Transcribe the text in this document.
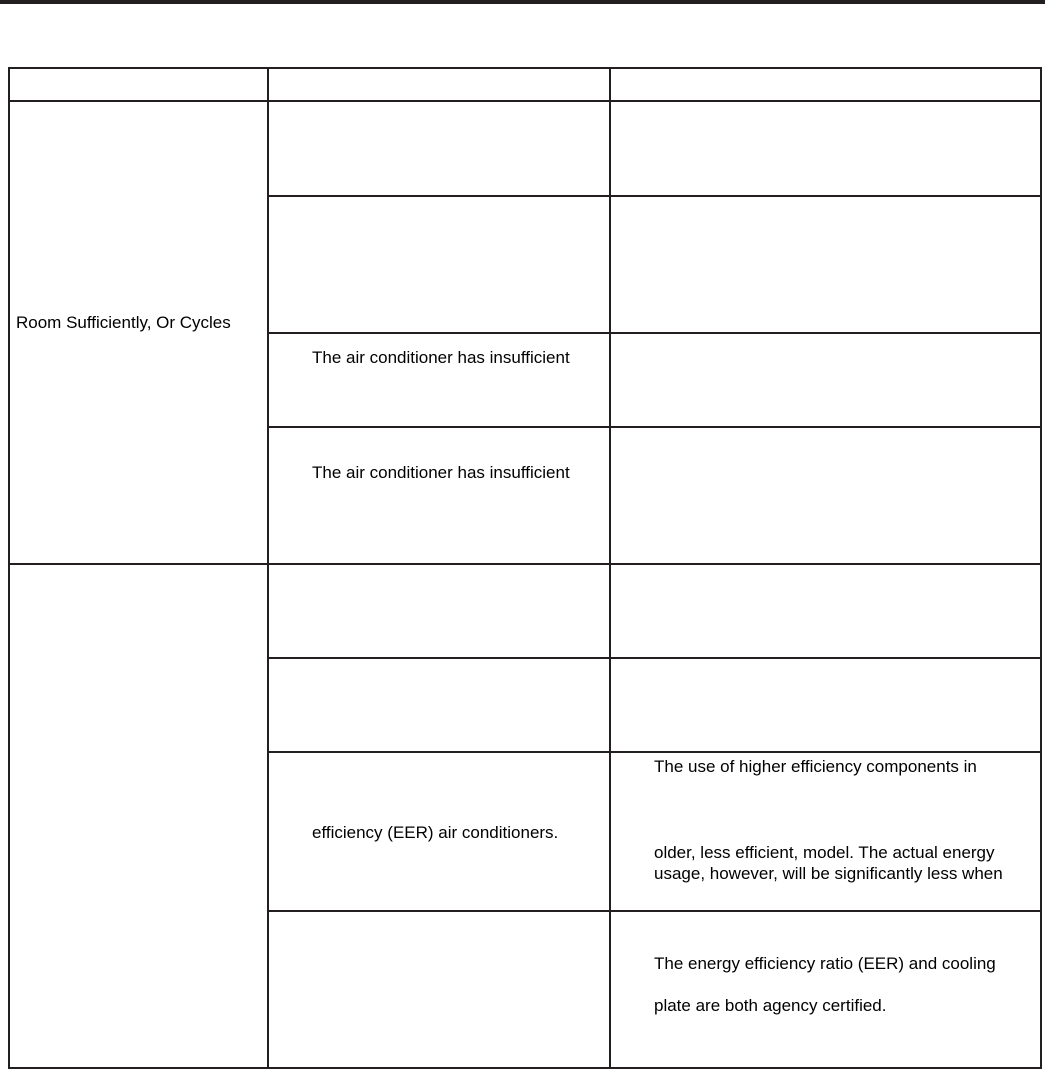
Room Sufficiently, Or Cycles
The air conditioner has insufficient
The air conditioner has insufficient
efficiency (EER) air conditioners.
The use of higher efficiency components in
older, less efficient, model. The actual energy
usage, however, will be significantly less when
The energy efficiency ratio (EER) and cooling
plate are both agency certified.
